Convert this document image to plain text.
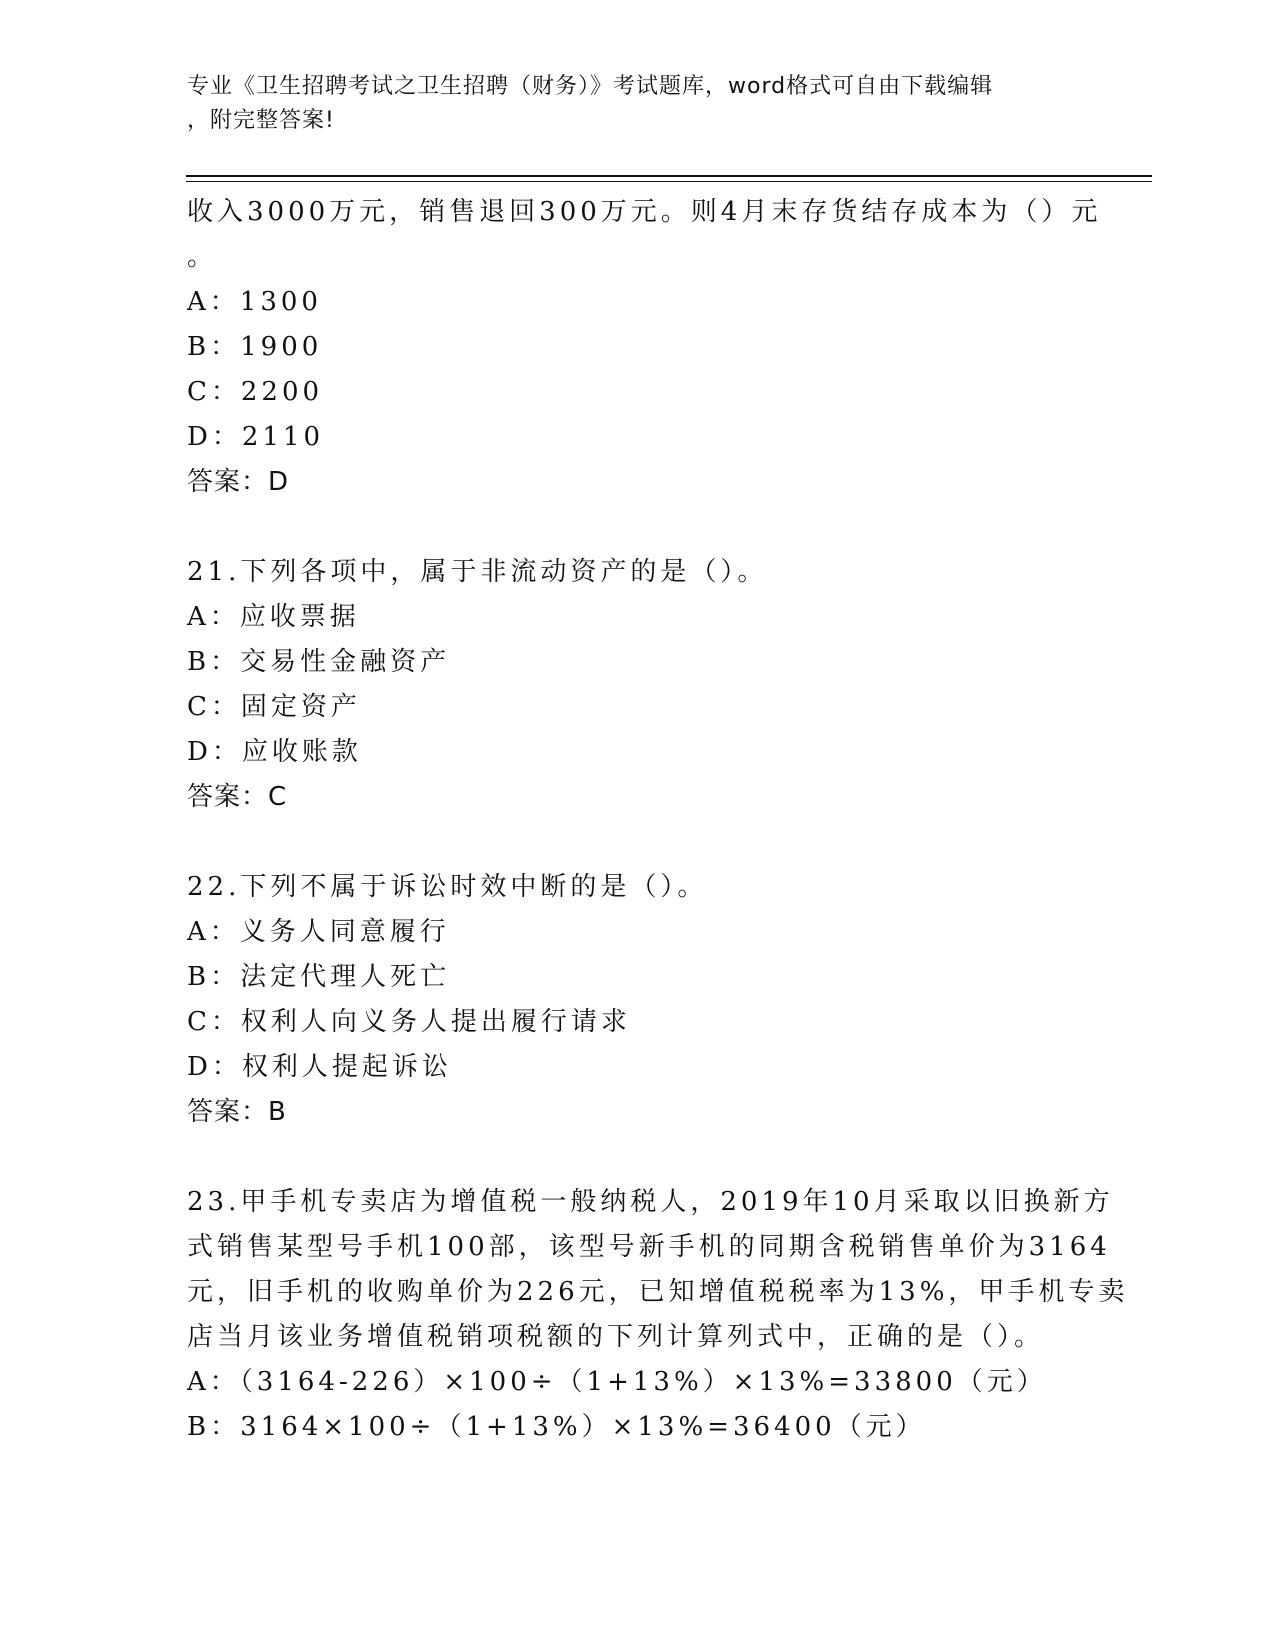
专业《卫生招聘考试之卫生招聘（财务）》考试题库，word格式可自由下载编辑
，附完整答案!
收入3000万元，销售退回300万元。则4月末存货结存成本为（）元
。
A：1300
B：1900
C：2200
D：2110
答案：D
21.下列各项中，属于非流动资产的是（）。
A：应收票据
B：交易性金融资产
C：固定资产
D：应收账款
答案：C
22.下列不属于诉讼时效中断的是（）。
A：义务人同意履行
B：法定代理人死亡
C：权利人向义务人提出履行请求
D：权利人提起诉讼
答案：B
23.甲手机专卖店为增值税一般纳税人，2019年10月采取以旧换新方
式销售某型号手机100部，该型号新手机的同期含税销售单价为3164
元，旧手机的收购单价为226元，已知增值税税率为13%，甲手机专卖
店当月该业务增值税销项税额的下列计算列式中，正确的是（）。
A：（3164-226）×100÷（1+13%）×13%=33800（元）
B：3164×100÷（1+13%）×13%=36400（元）
